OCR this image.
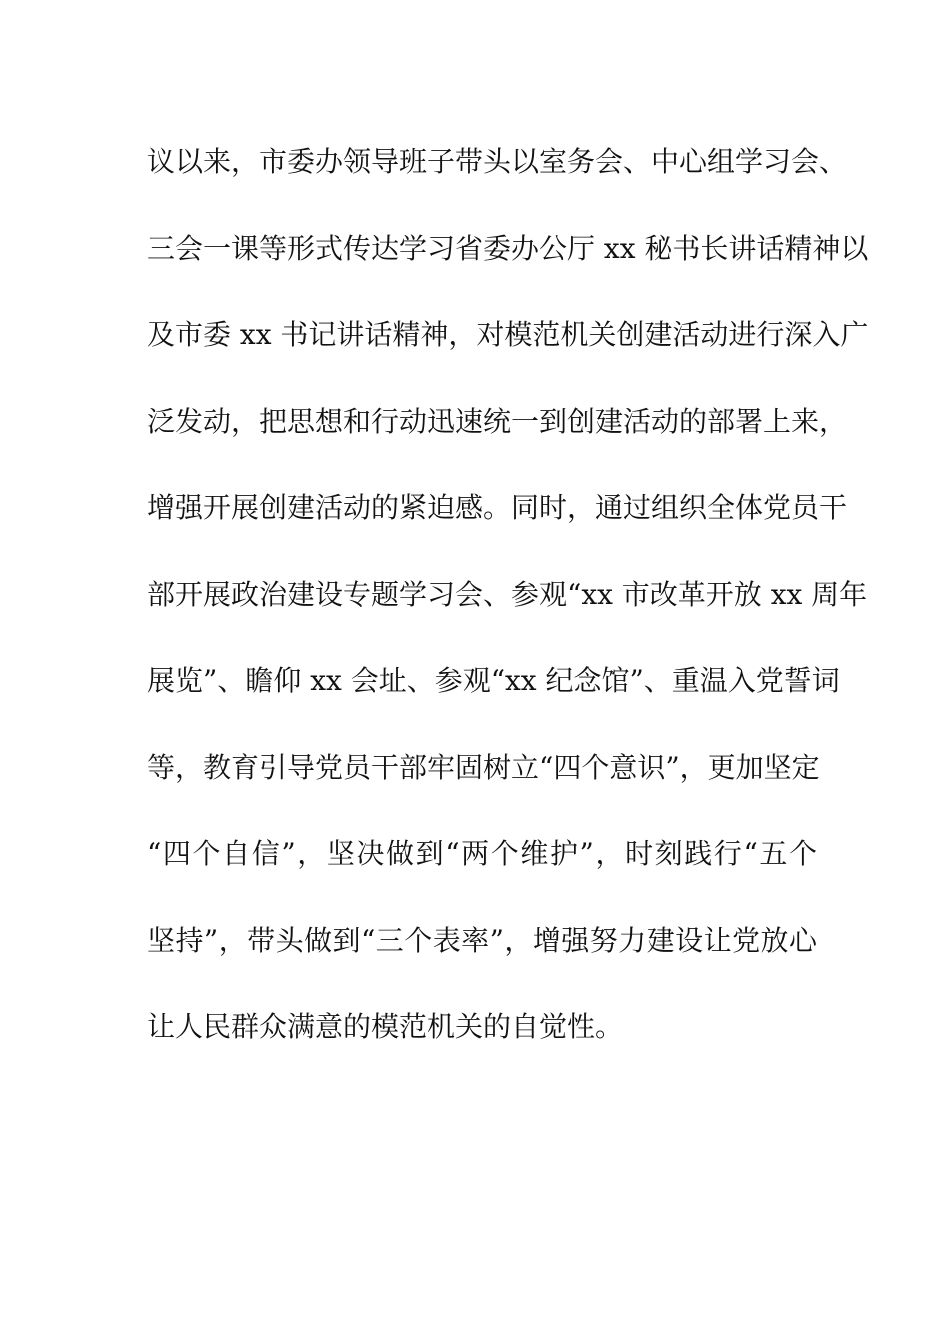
议以来，市委办领导班子带头以室务会、中心组学习会、
三会一课等形式传达学习省委办公厅 xx 秘书长讲话精神以
及市委 xx 书记讲话精神，对模范机关创建活动进行深入广
泛发动，把思想和行动迅速统一到创建活动的部署上来，
增强开展创建活动的紧迫感。同时，通过组织全体党员干
部开展政治建设专题学习会、参观“xx 市改革开放 xx 周年
展览”、瞻仰 xx 会址、参观“xx 纪念馆”、重温入党誓词
等，教育引导党员干部牢固树立“四个意识”，更加坚定
“四个自信”，坚决做到“两个维护”，时刻践行“五个
坚持”，带头做到“三个表率”，增强努力建设让党放心
让人民群众满意的模范机关的自觉性。
